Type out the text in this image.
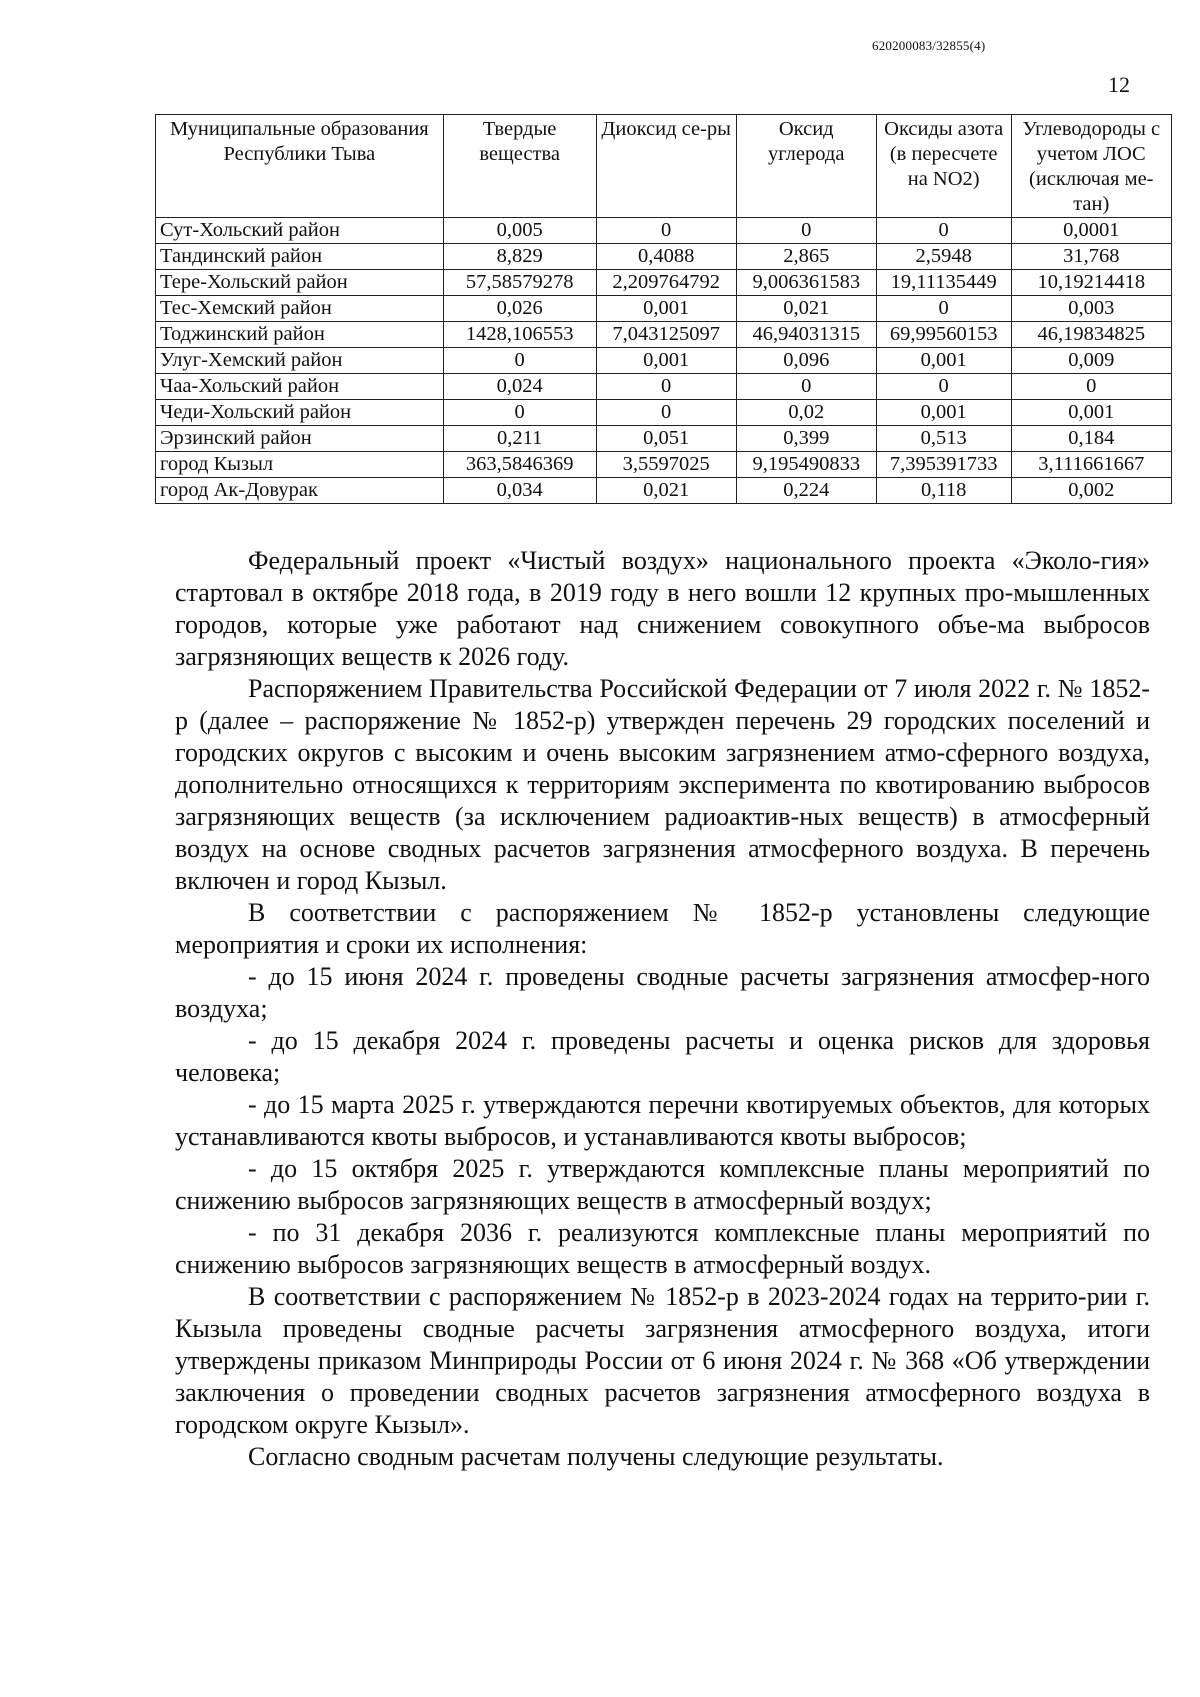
620200083/32855(4)
12
Муниципальные образования Республики Тыва	Твердые вещества	Диоксид се-ры	Оксид углерода	Оксиды азота (в пересчете на NO2)	Углеводороды с учетом ЛОС (исключая ме-тан)
Сут-Хольский район	0,005	0	0	0	0,0001
Тандинский район	8,829	0,4088	2,865	2,5948	31,768
Тере-Хольский район	57,58579278	2,209764792	9,006361583	19,11135449	10,19214418
Тес-Хемский район	0,026	0,001	0,021	0	0,003
Тоджинский район	1428,106553	7,043125097	46,94031315	69,99560153	46,19834825
Улуг-Хемский район	0	0,001	0,096	0,001	0,009
Чаа-Хольский район	0,024	0	0	0	0
Чеди-Хольский район	0	0	0,02	0,001	0,001
Эрзинский район	0,211	0,051	0,399	0,513	0,184
город Кызыл	363,5846369	3,5597025	9,195490833	7,395391733	3,111661667
город Ак-Довурак	0,034	0,021	0,224	0,118	0,002

Федеральный проект «Чистый воздух» национального проекта «Эколо-гия» стартовал в октябре 2018 года, в 2019 году в него вошли 12 крупных про-мышленных городов, которые уже работают над снижением совокупного объе-ма выбросов загрязняющих веществ к 2026 году.

Распоряжением Правительства Российской Федерации от 7 июля 2022 г. № 1852-р (далее – распоряжение № 1852-р) утвержден перечень 29 городских поселений и городских округов с высоким и очень высоким загрязнением атмо-сферного воздуха, дополнительно относящихся к территориям эксперимента по квотированию выбросов загрязняющих веществ (за исключением радиоактив-ных веществ) в атмосферный воздух на основе сводных расчетов загрязнения атмосферного воздуха. В перечень включен и город Кызыл.

В соответствии с распоряжением № 1852-р установлены следующие мероприятия и сроки их исполнения:

- до 15 июня 2024 г. проведены сводные расчеты загрязнения атмосфер-ного воздуха;

- до 15 декабря 2024 г. проведены расчеты и оценка рисков для здоровья человека;

- до 15 марта 2025 г. утверждаются перечни квотируемых объектов, для которых устанавливаются квоты выбросов, и устанавливаются квоты выбросов;

- до 15 октября 2025 г. утверждаются комплексные планы мероприятий по снижению выбросов загрязняющих веществ в атмосферный воздух;

- по 31 декабря 2036 г. реализуются комплексные планы мероприятий по снижению выбросов загрязняющих веществ в атмосферный воздух.

В соответствии с распоряжением № 1852-р в 2023-2024 годах на террито-рии г. Кызыла проведены сводные расчеты загрязнения атмосферного воздуха, итоги утверждены приказом Минприроды России от 6 июня 2024 г. № 368 «Об утверждении заключения о проведении сводных расчетов загрязнения атмосферного воздуха в городском округе Кызыл».

Согласно сводным расчетам получены следующие результаты.
